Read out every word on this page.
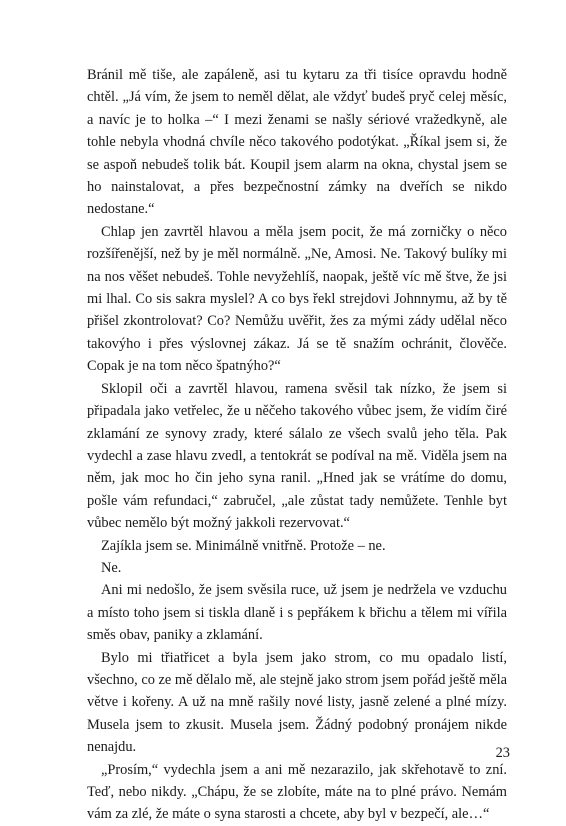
Bránil mě tiše, ale zapáleně, asi tu kytaru za tři tisíce opravdu hodně chtěl. „Já vím, že jsem to neměl dělat, ale vždyť budeš pryč celej měsíc, a navíc je to holka –“ I mezi ženami se našly sériové vražedkyně, ale tohle nebyla vhodná chvíle něco takového podotýkat. „Říkal jsem si, že se aspoň nebudeš tolik bát. Koupil jsem alarm na okna, chystal jsem se ho nainstalovat, a přes bezpečnostní zámky na dveřích se nikdo nedostane.“

Chlap jen zavrtěl hlavou a měla jsem pocit, že má zorničky o něco rozšířenější, než by je měl normálně. „Ne, Amosi. Ne. Takový bulíky mi na nos věšet nebudeš. Tohle nevyžehlíš, naopak, ještě víc mě štve, že jsi mi lhal. Co sis sakra myslel? A co bys řekl strejdovi Johnnymu, až by tě přišel zkontrolovat? Co? Nemůžu uvěřit, žes za mými zády udělal něco takovýho i přes výslovnej zákaz. Já se tě snažím ochránit, člověče. Copak je na tom něco špatnýho?“

Sklopil oči a zavrtěl hlavou, ramena svěsil tak nízko, že jsem si připadala jako vetřelec, že u něčeho takového vůbec jsem, že vidím čiré zklamání ze synovy zrady, které sálalo ze všech svalů jeho těla. Pak vydechl a zase hlavu zvedl, a tentokrát se podíval na mě. Viděla jsem na něm, jak moc ho čin jeho syna ranil. „Hned jak se vrátíme do domu, pošle vám refundaci,“ zabručel, „ale zůstat tady nemůžete. Tenhle byt vůbec nemělo být možný jakkoli rezervovat.“

Zajíkla jsem se. Minimálně vnitřně. Protože – ne.

Ne.

Ani mi nedošlo, že jsem svěsila ruce, už jsem je nedržela ve vzduchu a místo toho jsem si tiskla dlaně i s pepřákem k břichu a tělem mi vířila směs obav, paniky a zklamání.

Bylo mi třiatřicet a byla jsem jako strom, co mu opadalo listí, všechno, co ze mě dělalo mě, ale stejně jako strom jsem pořád ještě měla větve i kořeny. A už na mně rašily nové listy, jasně zelené a plné mízy. Musela jsem to zkusit. Musela jsem. Žádný podobný pronájem nikde nenajdu.

„Prosím,“ vydechla jsem a ani mě nezarazilo, jak skřehotavě to zní. Teď, nebo nikdy. „Chápu, že se zlobíte, máte na to plné právo. Nemám vám za zlé, že máte o syna starosti a chcete, aby byl v bezpečí, ale…“

23
